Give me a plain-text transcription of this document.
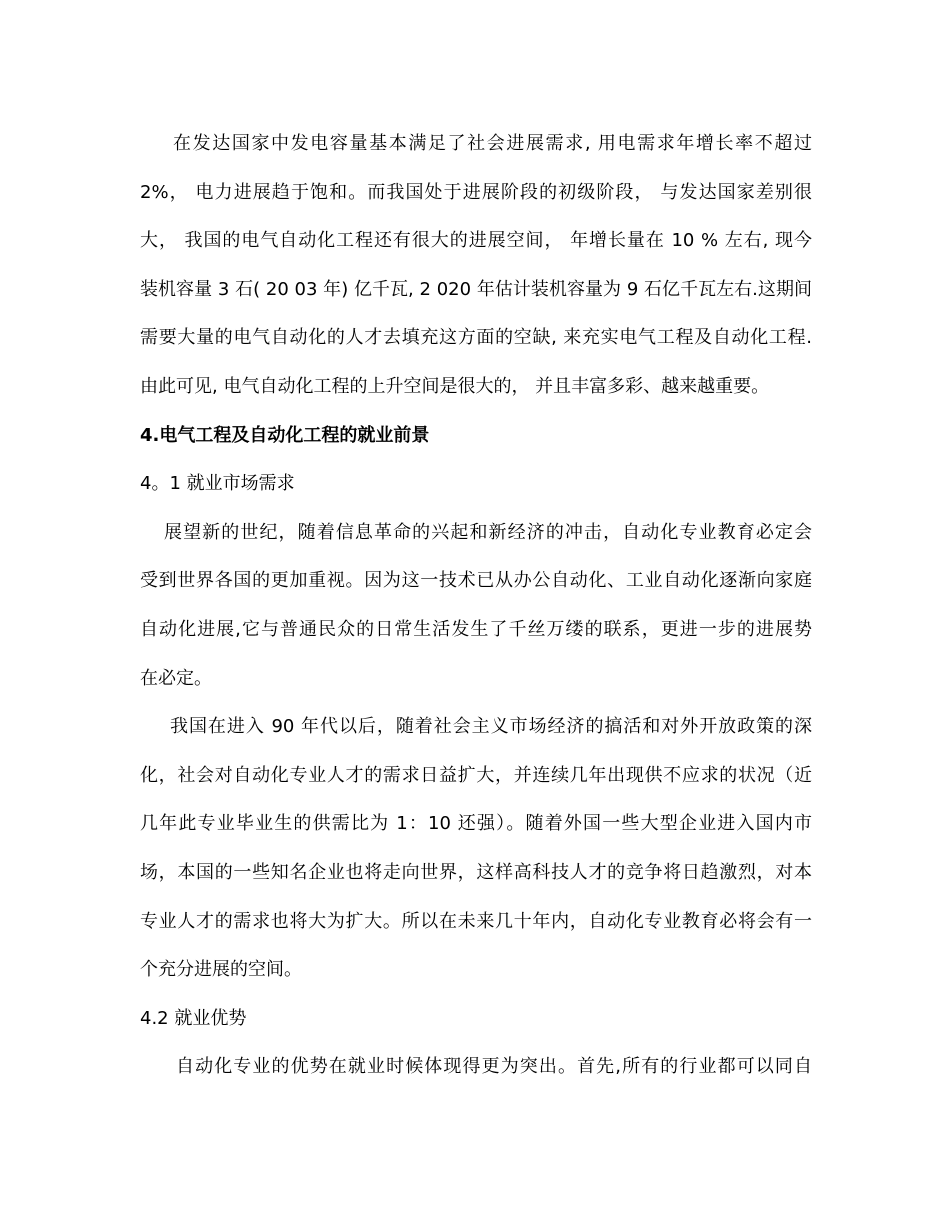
在发达国家中发电容量基本满足了社会进展需求, 用电需求年增长率不超过
2%， 电力进展趋于饱和。而我国处于进展阶段的初级阶段， 与发达国家差别很
大， 我国的电气自动化工程还有很大的进展空间， 年增长量在 10 % 左右, 现今
装机容量 3 石( 20 03 年) 亿千瓦, 2 020 年估计装机容量为 9 石亿千瓦左右.这期间
需要大量的电气自动化的人才去填充这方面的空缺, 来充实电气工程及自动化工程.
由此可见, 电气自动化工程的上升空间是很大的， 并且丰富多彩、越来越重要。
4.电气工程及自动化工程的就业前景
4。1 就业市场需求
展望新的世纪，随着信息革命的兴起和新经济的冲击，自动化专业教育必定会
受到世界各国的更加重视。因为这一技术已从办公自动化、工业自动化逐渐向家庭
自动化进展,它与普通民众的日常生活发生了千丝万缕的联系，更进一步的进展势
在必定。
我国在进入 90 年代以后，随着社会主义市场经济的搞活和对外开放政策的深
化，社会对自动化专业人才的需求日益扩大，并连续几年出现供不应求的状况（近
几年此专业毕业生的供需比为 1：10 还强）。随着外国一些大型企业进入国内市
场，本国的一些知名企业也将走向世界，这样高科技人才的竞争将日趋激烈，对本
专业人才的需求也将大为扩大。所以在未来几十年内，自动化专业教育必将会有一
个充分进展的空间。
4.2 就业优势
自动化专业的优势在就业时候体现得更为突出。首先,所有的行业都可以同自
